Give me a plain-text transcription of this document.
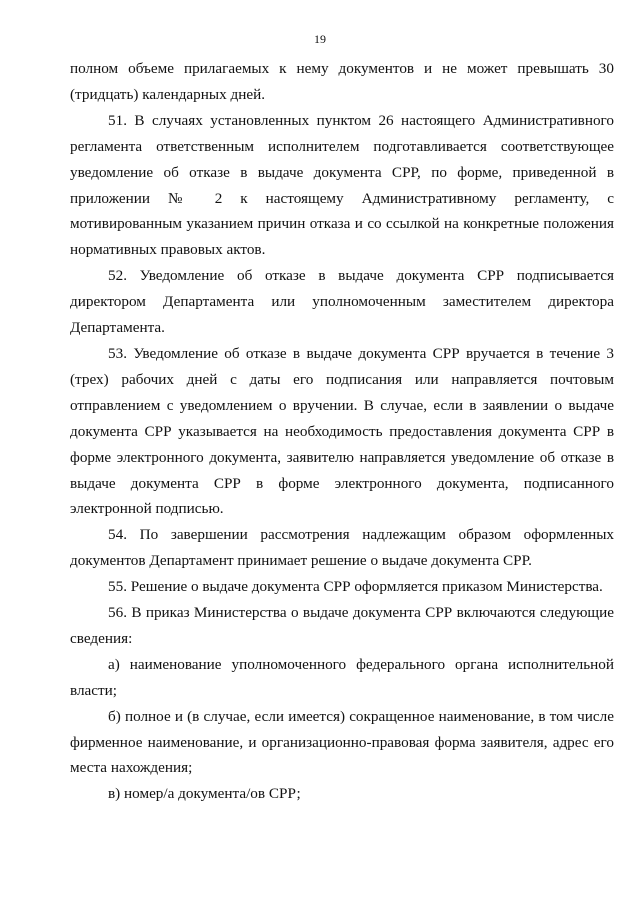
19

полном объеме прилагаемых к нему документов и не может превышать 30 (тридцать) календарных дней.

51. В случаях установленных пунктом 26 настоящего Административного регламента ответственным исполнителем подготавливается соответствующее уведомление об отказе в выдаче документа СРР, по форме, приведенной в приложении № 2 к настоящему Административному регламенту, с мотивированным указанием причин отказа и со ссылкой на конкретные положения нормативных правовых актов.

52. Уведомление об отказе в выдаче документа СРР подписывается директором Департамента или уполномоченным заместителем директора Департамента.

53. Уведомление об отказе в выдаче документа СРР вручается в течение 3 (трех) рабочих дней с даты его подписания или направляется почтовым отправлением с уведомлением о вручении. В случае, если в заявлении о выдаче документа СРР указывается на необходимость предоставления документа СРР в форме электронного документа, заявителю направляется уведомление об отказе в выдаче документа СРР в форме электронного документа, подписанного электронной подписью.

54. По завершении рассмотрения надлежащим образом оформленных документов Департамент принимает решение о выдаче документа СРР.

55. Решение о выдаче документа СРР оформляется приказом Министерства.

56. В приказ Министерства о выдаче документа СРР включаются следующие сведения:

а) наименование уполномоченного федерального органа исполнительной власти;

б) полное и (в случае, если имеется) сокращенное наименование, в том числе фирменное наименование, и организационно-правовая форма заявителя, адрес его места нахождения;

в) номер/а документа/ов СРР;
